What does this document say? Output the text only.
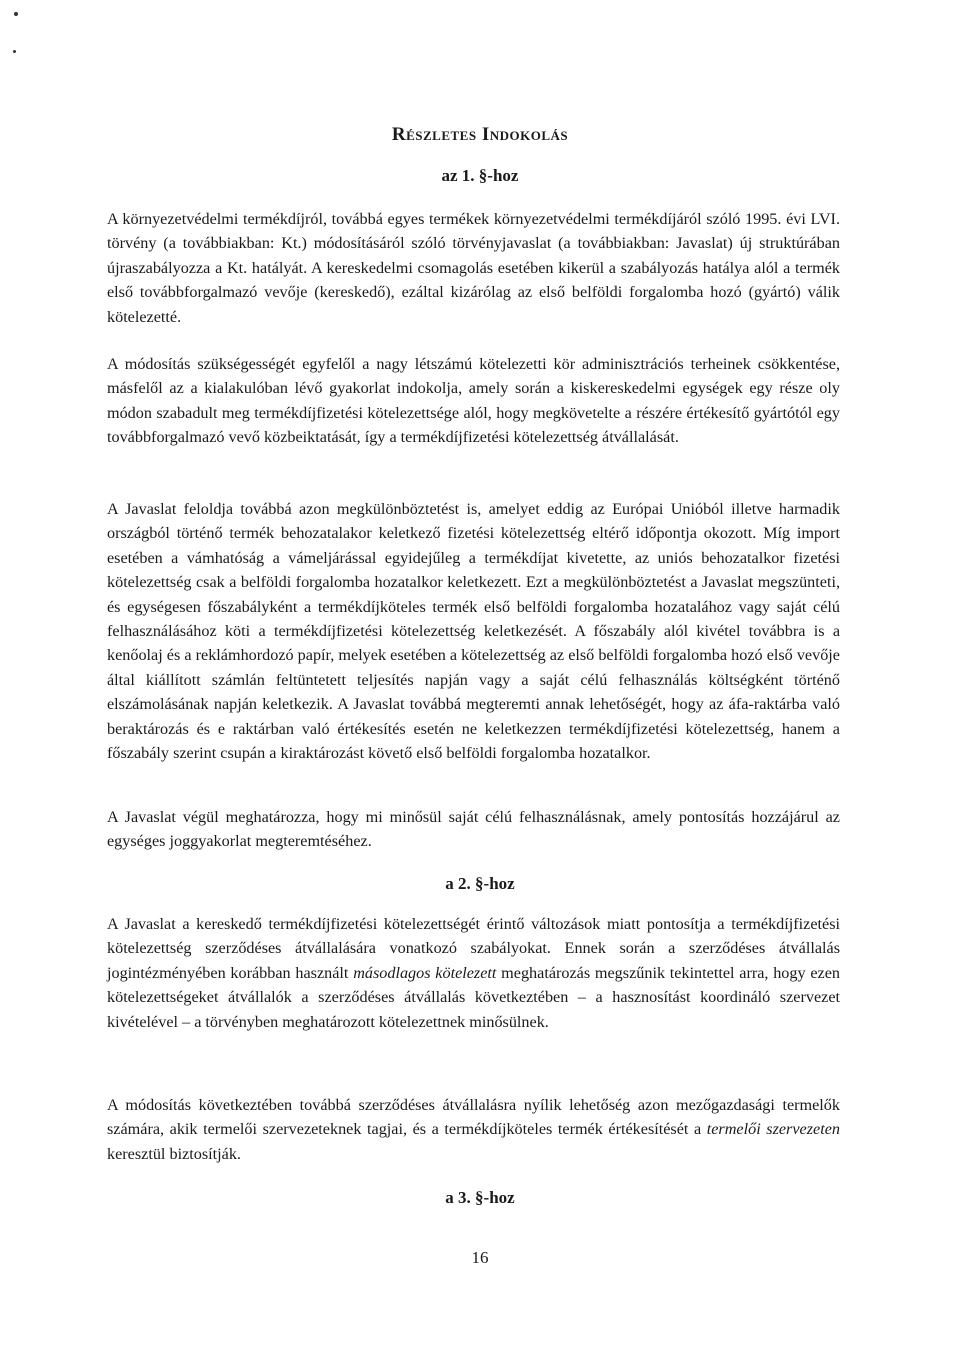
Részletes Indokolás
az 1. §-hoz
A környezetvédelmi termékdíjról, továbbá egyes termékek környezetvédelmi termékdíjáról szóló 1995. évi LVI. törvény (a továbbiakban: Kt.) módosításáról szóló törvényjavaslat (a továbbiakban: Javaslat) új struktúrában újraszabályozza a Kt. hatályát. A kereskedelmi csomagolás esetében kikerül a szabályozás hatálya alól a termék első továbbforgalmazó vevője (kereskedő), ezáltal kizárólag az első belföldi forgalomba hozó (gyártó) válik kötelezetté.
A módosítás szükségességét egyfelől a nagy létszámú kötelezetti kör adminisztrációs terheinek csökkentése, másfelől az a kialakulóban lévő gyakorlat indokolja, amely során a kiskereskedelmi egységek egy része oly módon szabadult meg termékdíjfizetési kötelezettsége alól, hogy megkövetelte a részére értékesítő gyártótól egy továbbforgalmazó vevő közbeiktatását, így a termékdíjfizetési kötelezettség átvállalását.
A Javaslat feloldja továbbá azon megkülönböztetést is, amelyet eddig az Európai Unióból illetve harmadik országból történő termék behozatalakor keletkező fizetési kötelezettség eltérő időpontja okozott. Míg import esetében a vámhatóság a vámeljárással egyidejűleg a termékdíjat kivetette, az uniós behozatalkor fizetési kötelezettség csak a belföldi forgalomba hozatalkor keletkezett. Ezt a megkülönböztetést a Javaslat megszünteti, és egységesen főszabályként a termékdíjköteles termék első belföldi forgalomba hozatalához vagy saját célú felhasználásához köti a termékdíjfizetési kötelezettség keletkezését. A főszabály alól kivétel továbbra is a kenőolaj és a reklámhordozó papír, melyek esetében a kötelezettség az első belföldi forgalomba hozó első vevője által kiállított számlán feltüntetett teljesítés napján vagy a saját célú felhasználás költségként történő elszámolásának napján keletkezik. A Javaslat továbbá megteremti annak lehetőségét, hogy az áfa-raktárba való beraktározás és e raktárban való értékesítés esetén ne keletkezzen termékdíjfizetési kötelezettség, hanem a főszabály szerint csupán a kiraktározást követő első belföldi forgalomba hozatalkor.
A Javaslat végül meghatározza, hogy mi minősül saját célú felhasználásnak, amely pontosítás hozzájárul az egységes joggyakorlat megteremtéséhez.
a 2. §-hoz
A Javaslat a kereskedő termékdíjfizetési kötelezettségét érintő változások miatt pontosítja a termékdíjfizetési kötelezettség szerződéses átvállalására vonatkozó szabályokat. Ennek során a szerződéses átvállalás jogintézményében korábban használt másodlagos kötelezett meghatározás megszűnik tekintettel arra, hogy ezen kötelezettségeket átvállalók a szerződéses átvállalás következtében – a hasznosítást koordináló szervezet kivételével – a törvényben meghatározott kötelezettnek minősülnek.
A módosítás következtében továbbá szerződéses átvállalásra nyílik lehetőség azon mezőgazdasági termelők számára, akik termelői szervezeteknek tagjai, és a termékdíjköteles termék értékesítését a termelői szervezeten keresztül biztosítják.
a 3. §-hoz
16
